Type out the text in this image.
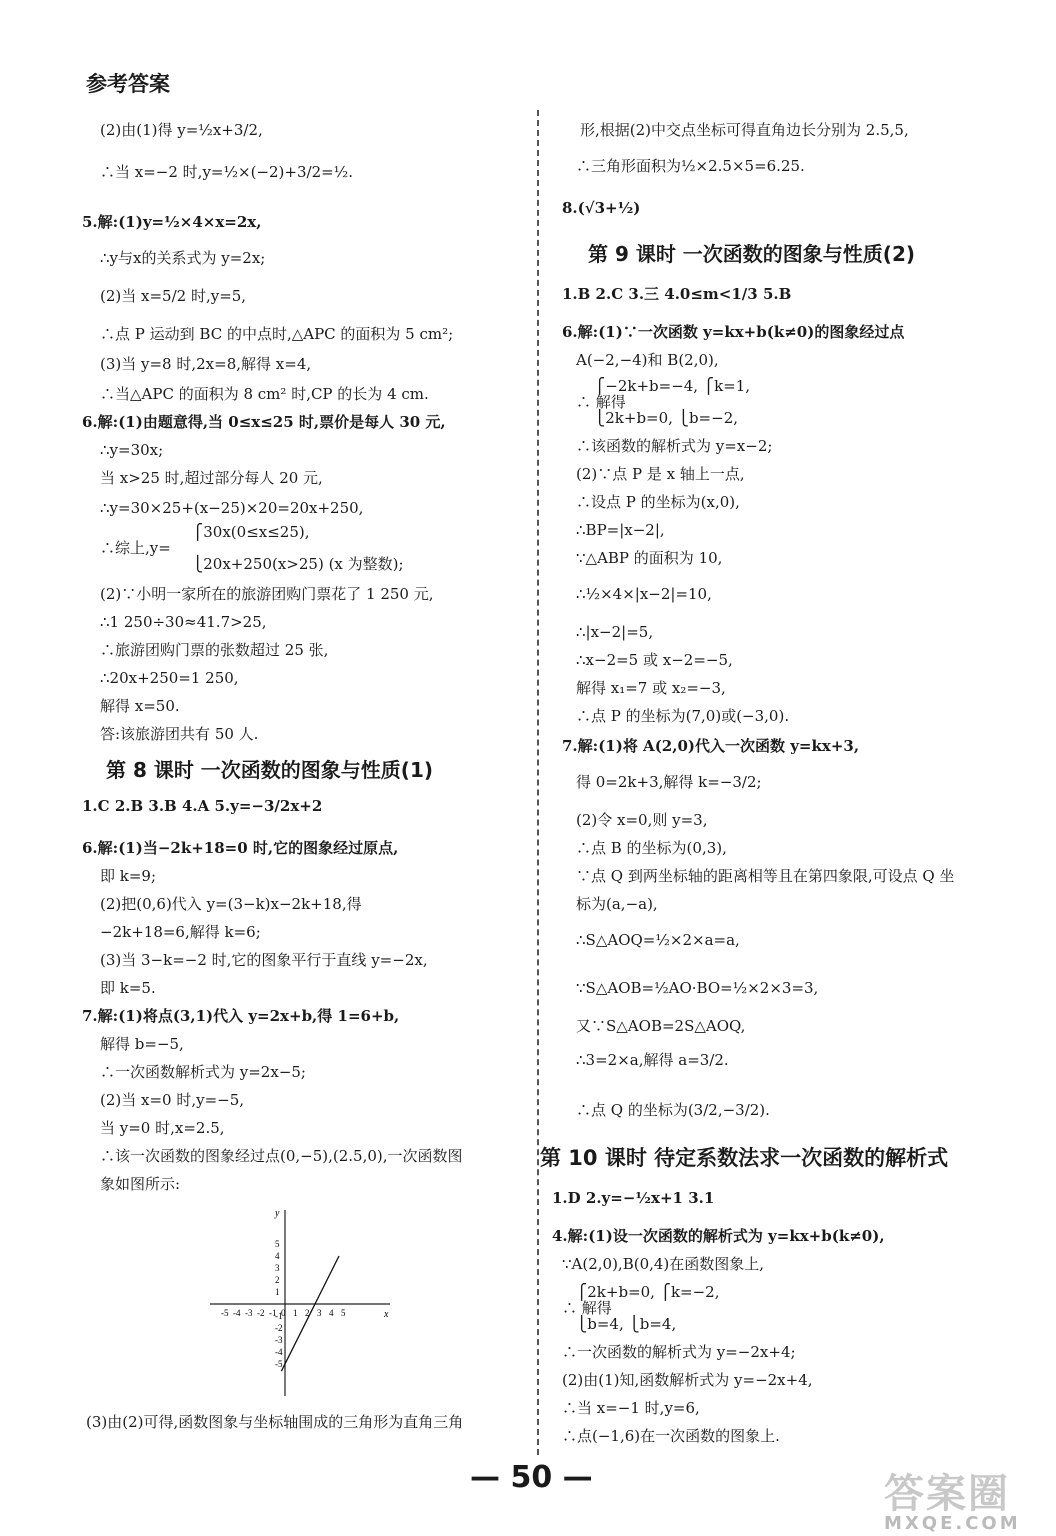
参考答案
(2)由(1)得 y=½x+3/2,
∴当 x=−2 时,y=½×(−2)+3/2=½.
5.解:(1)y=½×4×x=2x,
∴y与x的关系式为 y=2x;
(2)当 x=5/2 时,y=5,
∴点 P 运动到 BC 的中点时,△APC 的面积为 5 cm²;
(3)当 y=8 时,2x=8,解得 x=4,
∴当△APC 的面积为 8 cm² 时,CP 的长为 4 cm.
6.解:(1)由题意得,当 0≤x≤25 时,票价是每人 30 元,
∴y=30x;
当 x>25 时,超过部分每人 20 元,
∴y=30×25+(x−25)×20=20x+250,
⎧30x(0≤x≤25),
∴综上,y=
⎩20x+250(x>25) (x 为整数);
(2)∵小明一家所在的旅游团购门票花了 1 250 元,
∴1 250÷30≈41.7>25,
∴旅游团购门票的张数超过 25 张,
∴20x+250=1 250,
解得 x=50.
答:该旅游团共有 50 人.
1.C 2.B 3.B 4.A 5.y=−3/2x+2
6.解:(1)当−2k+18=0 时,它的图象经过原点,
即 k=9;
(2)把(0,6)代入 y=(3−k)x−2k+18,得
−2k+18=6,解得 k=6;
(3)当 3−k=−2 时,它的图象平行于直线 y=−2x,
即 k=5.
7.解:(1)将点(3,1)代入 y=2x+b,得 1=6+b,
解得 b=−5,
∴一次函数解析式为 y=2x−5;
(2)当 x=0 时,y=−5,
当 y=0 时,x=2.5,
∴该一次函数的图象经过点(0,−5),(2.5,0),一次函数图
象如图所示:
(3)由(2)可得,函数图象与坐标轴围成的三角形为直角三角
第 8 课时 一次函数的图象与性质(1)
形,根据(2)中交点坐标可得直角边长分别为 2.5,5,
∴三角形面积为½×2.5×5=6.25.
8.(√3+½)
1.B 2.C 3.三 4.0≤m<1/3 5.B
6.解:(1)∵一次函数 y=kx+b(k≠0)的图象经过点
A(−2,−4)和 B(2,0),
⎧−2k+b=−4, ⎧k=1,
∴ 解得
⎩2k+b=0, ⎩b=−2,
∴该函数的解析式为 y=x−2;
(2)∵点 P 是 x 轴上一点,
∴设点 P 的坐标为(x,0),
∴BP=|x−2|,
∵△ABP 的面积为 10,
∴½×4×|x−2|=10,
∴|x−2|=5,
∴x−2=5 或 x−2=−5,
解得 x₁=7 或 x₂=−3,
∴点 P 的坐标为(7,0)或(−3,0).
7.解:(1)将 A(2,0)代入一次函数 y=kx+3,
得 0=2k+3,解得 k=−3/2;
(2)令 x=0,则 y=3,
∴点 B 的坐标为(0,3),
∵点 Q 到两坐标轴的距离相等且在第四象限,可设点 Q 坐
标为(a,−a),
∴S△AOQ=½×2×a=a,
∵S△AOB=½AO·BO=½×2×3=3,
又∵S△AOB=2S△AOQ,
∴3=2×a,解得 a=3/2.
∴点 Q 的坐标为(3/2,−3/2).
1.D 2.y=−½x+1 3.1
4.解:(1)设一次函数的解析式为 y=kx+b(k≠0),
∵A(2,0),B(0,4)在函数图象上,
⎧2k+b=0, ⎧k=−2,
∴ 解得
⎩b=4, ⎩b=4,
∴一次函数的解析式为 y=−2x+4;
(2)由(1)知,函数解析式为 y=−2x+4,
∴当 x=−1 时,y=6,
∴点(−1,6)在一次函数的图象上.
第 9 课时 一次函数的图象与性质(2)
第 10 课时 待定系数法求一次函数的解析式
x
y
-5 -4 -3 -2 -1 0 1 2 3 4 5
5
4
3
2
1
-1
-2
-3
-4
-5
— 50 —	答案圈
MXQE.COM
